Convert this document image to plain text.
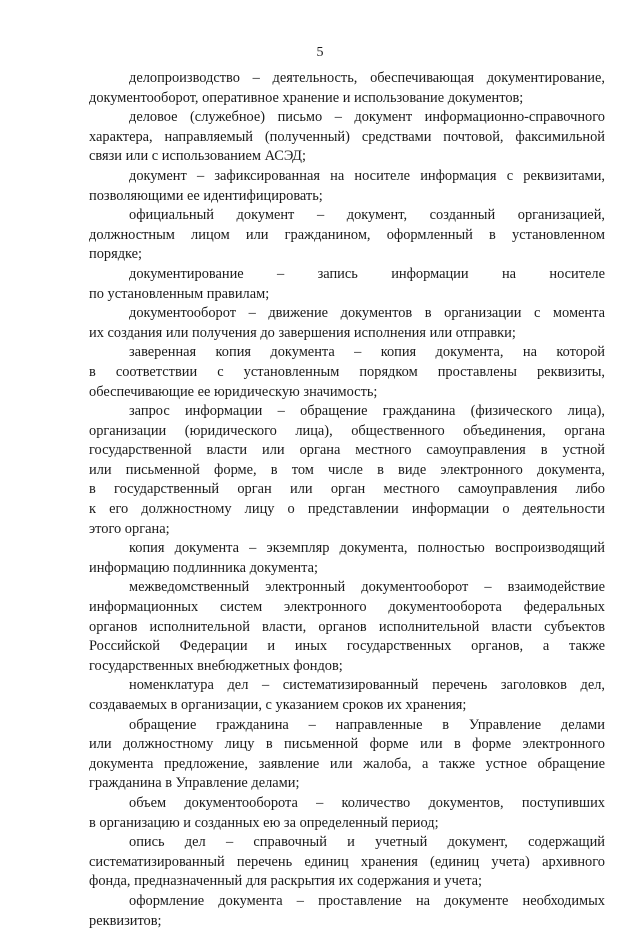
5

делопроизводство – деятельность, обеспечивающая документирование,
документооборот, оперативное хранение и использование документов;

деловое (служебное) письмо – документ информационно-справочного
характера, направляемый (полученный) средствами почтовой, факсимильной
связи или с использованием АСЭД;

документ – зафиксированная на носителе информация с реквизитами,
позволяющими ее идентифицировать;

официальный документ – документ, созданный организацией,
должностным лицом или гражданином, оформленный в установленном
порядке;

документирование – запись информации на носителе
по установленным правилам;

документооборот – движение документов в организации с момента
их создания или получения до завершения исполнения или отправки;

заверенная копия документа – копия документа, на которой
в соответствии с установленным порядком проставлены реквизиты,
обеспечивающие ее юридическую значимость;

запрос информации – обращение гражданина (физического лица),
организации (юридического лица), общественного объединения, органа
государственной власти или органа местного самоуправления в устной
или письменной форме, в том числе в виде электронного документа,
в государственный орган или орган местного самоуправления либо
к его должностному лицу о представлении информации о деятельности
этого органа;

копия документа – экземпляр документа, полностью воспроизводящий
информацию подлинника документа;

межведомственный электронный документооборот – взаимодействие
информационных систем электронного документооборота федеральных
органов исполнительной власти, органов исполнительной власти субъектов
Российской Федерации и иных государственных органов, а также
государственных внебюджетных фондов;

номенклатура дел – систематизированный перечень заголовков дел,
создаваемых в организации, с указанием сроков их хранения;

обращение гражданина – направленные в Управление делами
или должностному лицу в письменной форме или в форме электронного
документа предложение, заявление или жалоба, а также устное обращение
гражданина в Управление делами;

объем документооборота – количество документов, поступивших
в организацию и созданных ею за определенный период;

опись дел – справочный и учетный документ, содержащий
систематизированный перечень единиц хранения (единиц учета) архивного
фонда, предназначенный для раскрытия их содержания и учета;

оформление документа – проставление на документе необходимых
реквизитов;
